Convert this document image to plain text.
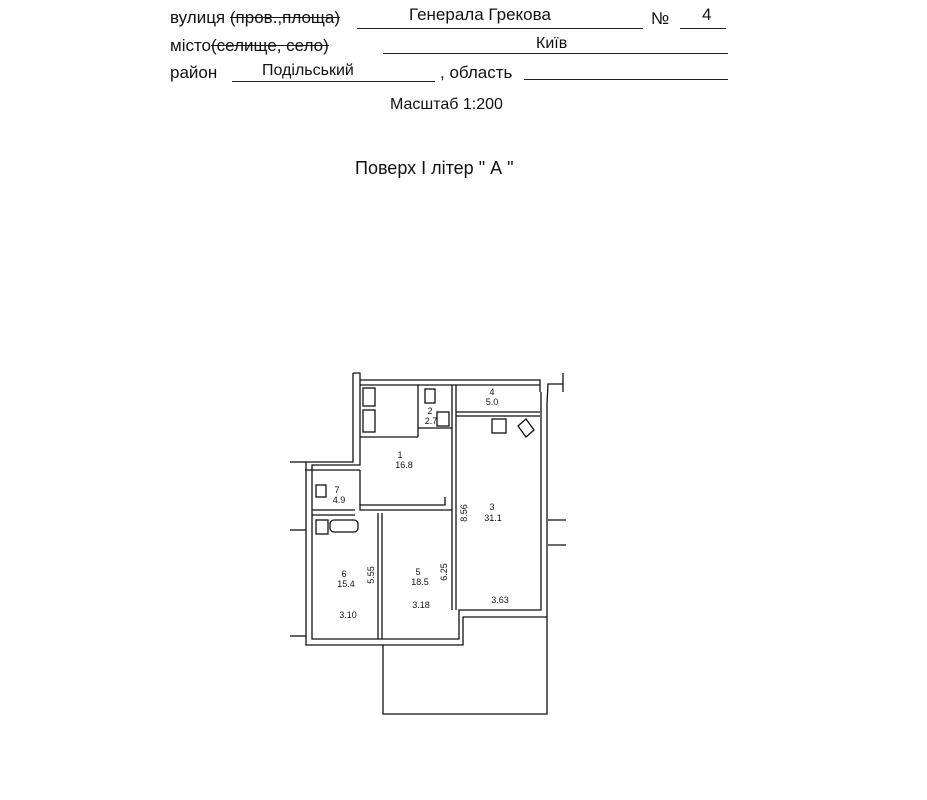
вулиця (пров.,площа)	Генерала Грекова	№ 4
місто(селище, село)	Київ
район	Подільський	, область
Масштаб 1:200
Поверх I літер " А "
1
16.8
2
2.7
3
31.1
4
5.0
5
18.5
6
15.4
7
4.9
8.56
5.55	6.25
3.10
3.18	3.63
